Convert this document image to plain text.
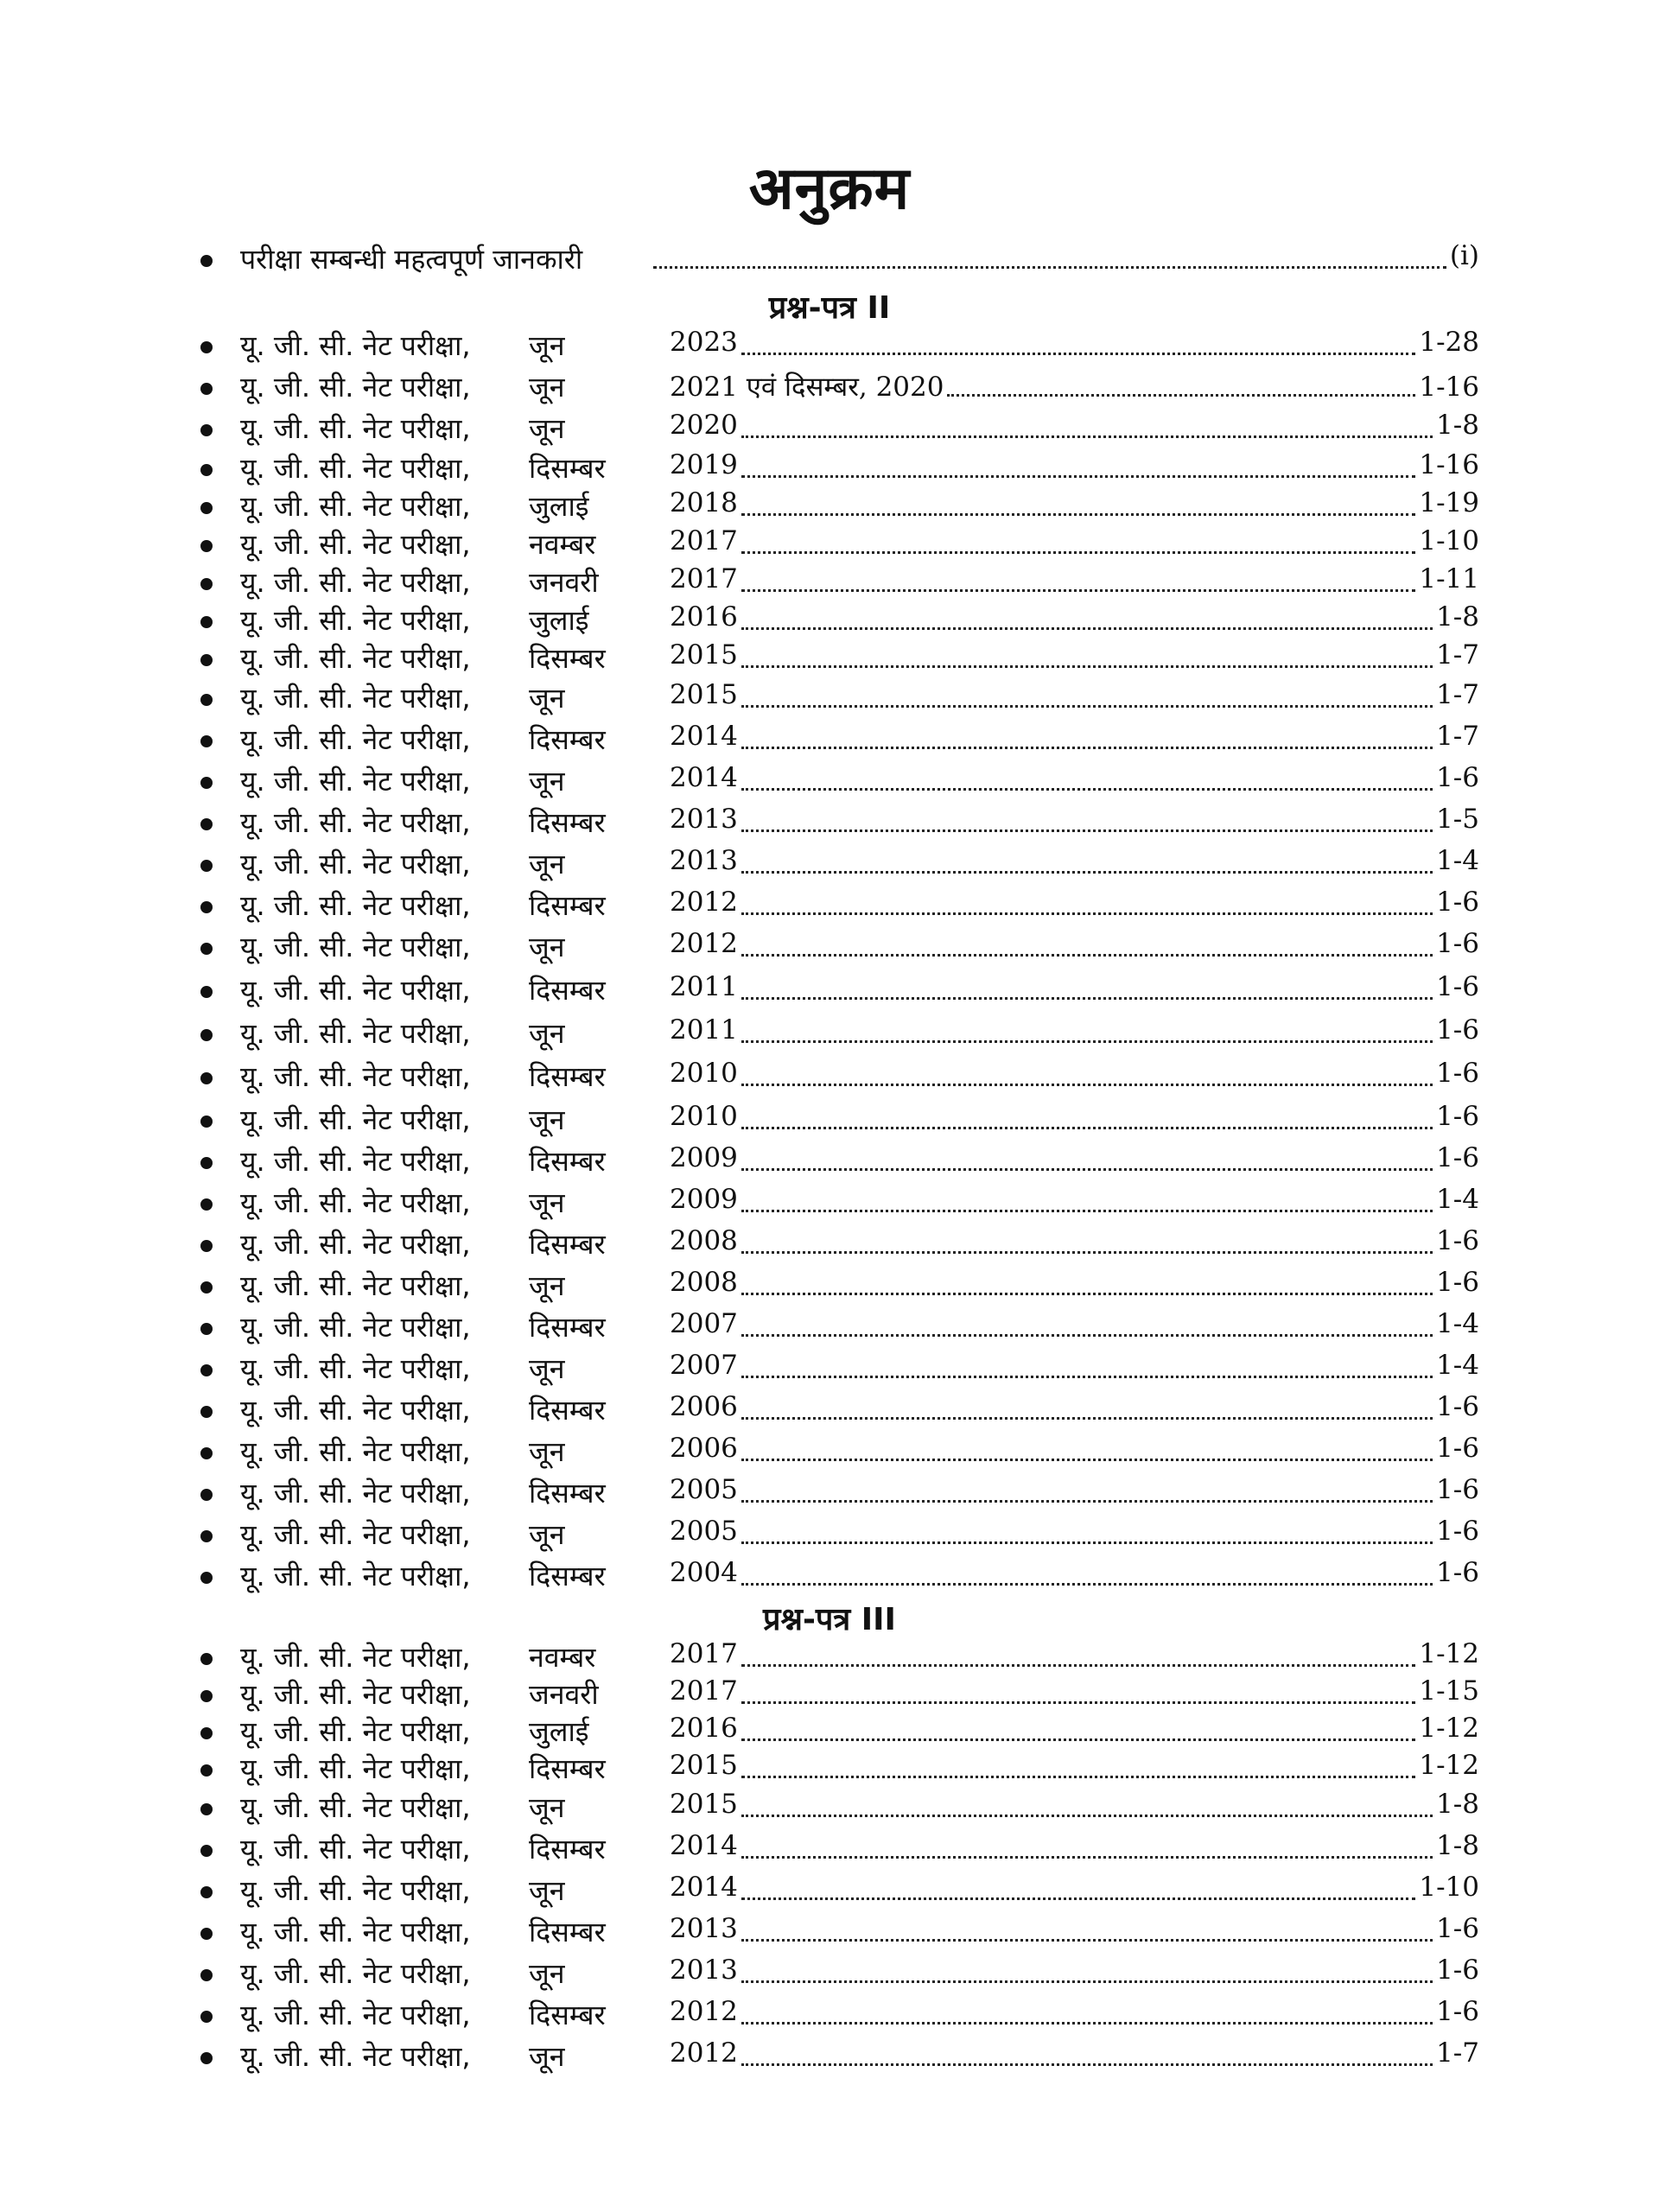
अनुक्रम
परीक्षा सम्बन्धी महत्वपूर्ण जानकारी	(i)
प्रश्न-पत्र II
यू. जी. सी. नेट परीक्षा, जून	2023	1-28
यू. जी. सी. नेट परीक्षा, जून	2021 एवं दिसम्बर, 2020	1-16
यू. जी. सी. नेट परीक्षा, जून	2020	1-8
यू. जी. सी. नेट परीक्षा, दिसम्बर 2019	1-16
यू. जी. सी. नेट परीक्षा, जुलाई	2018	1-19
यू. जी. सी. नेट परीक्षा, नवम्बर	2017	1-10
यू. जी. सी. नेट परीक्षा, जनवरी	2017	1-11
यू. जी. सी. नेट परीक्षा, जुलाई	2016	1-8
यू. जी. सी. नेट परीक्षा, दिसम्बर 2015	1-7
यू. जी. सी. नेट परीक्षा, जून	2015	1-7
यू. जी. सी. नेट परीक्षा, दिसम्बर 2014	1-7
यू. जी. सी. नेट परीक्षा, जून	2014	1-6
यू. जी. सी. नेट परीक्षा, दिसम्बर 2013	1-5
यू. जी. सी. नेट परीक्षा, जून	2013	1-4
यू. जी. सी. नेट परीक्षा, दिसम्बर 2012	1-6
यू. जी. सी. नेट परीक्षा, जून	2012	1-6
यू. जी. सी. नेट परीक्षा, दिसम्बर 2011	1-6
यू. जी. सी. नेट परीक्षा, जून	2011	1-6
यू. जी. सी. नेट परीक्षा, दिसम्बर 2010	1-6
यू. जी. सी. नेट परीक्षा, जून	2010	1-6
यू. जी. सी. नेट परीक्षा, दिसम्बर 2009	1-6
यू. जी. सी. नेट परीक्षा, जून	2009	1-4
यू. जी. सी. नेट परीक्षा, दिसम्बर 2008	1-6
यू. जी. सी. नेट परीक्षा, जून	2008	1-6
यू. जी. सी. नेट परीक्षा, दिसम्बर 2007	1-4
यू. जी. सी. नेट परीक्षा, जून	2007	1-4
यू. जी. सी. नेट परीक्षा, दिसम्बर 2006	1-6
यू. जी. सी. नेट परीक्षा, जून	2006	1-6
यू. जी. सी. नेट परीक्षा, दिसम्बर 2005	1-6
यू. जी. सी. नेट परीक्षा, जून	2005	1-6
यू. जी. सी. नेट परीक्षा, दिसम्बर 2004	1-6
प्रश्न-पत्र III
यू. जी. सी. नेट परीक्षा, नवम्बर	2017	1-12
यू. जी. सी. नेट परीक्षा, जनवरी	2017	1-15
यू. जी. सी. नेट परीक्षा, जुलाई	2016	1-12
यू. जी. सी. नेट परीक्षा, दिसम्बर 2015	1-12
यू. जी. सी. नेट परीक्षा, जून	2015	1-8
यू. जी. सी. नेट परीक्षा, दिसम्बर 2014	1-8
यू. जी. सी. नेट परीक्षा, जून	2014	1-10
यू. जी. सी. नेट परीक्षा, दिसम्बर 2013	1-6
यू. जी. सी. नेट परीक्षा, जून	2013	1-6
यू. जी. सी. नेट परीक्षा, दिसम्बर 2012	1-6
यू. जी. सी. नेट परीक्षा, जून	2012	1-7
